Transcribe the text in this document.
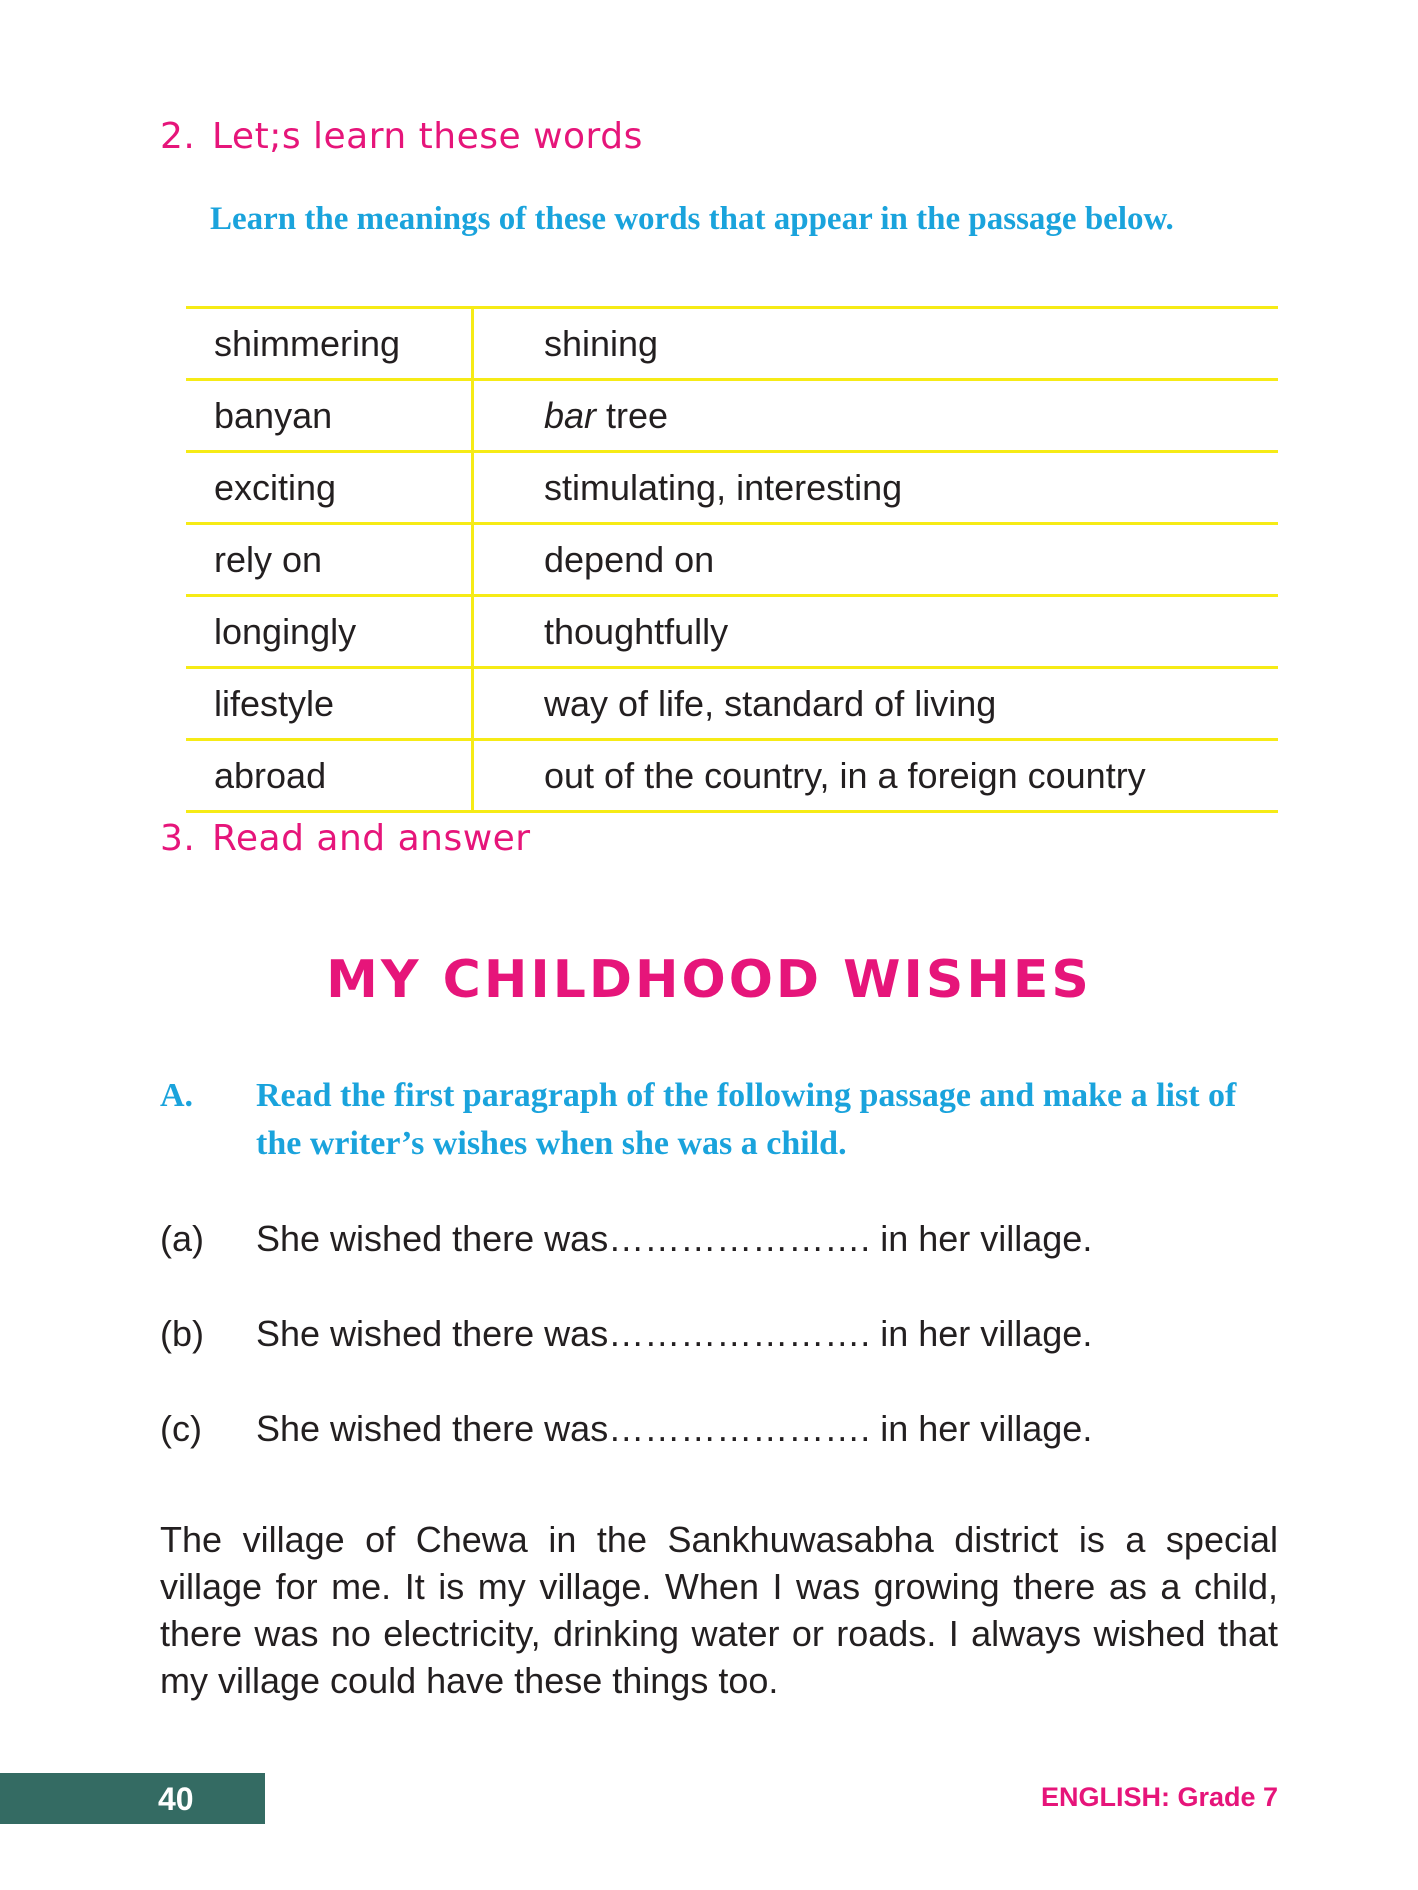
2. Let;s learn these words
Learn the meanings of these words that appear in the passage below.
shimmering	shining
banyan	bar tree
exciting	stimulating, interesting
rely on	depend on
longingly	thoughtfully
lifestyle	way of life, standard of living
abroad	out of the country, in a foreign country
3. Read and answer
MY CHILDHOOD WISHES
A. Read the first paragraph of the following passage and make a list of the writer’s wishes when she was a child.
(a) She wished there was…………………. in her village.
(b) She wished there was…………………. in her village.
(c) She wished there was…………………. in her village.
The village of Chewa in the Sankhuwasabha district is a special village for me. It is my village. When I was growing there as a child, there was no electricity, drinking water or roads. I always wished that my village could have these things too.
40	ENGLISH: Grade 7
